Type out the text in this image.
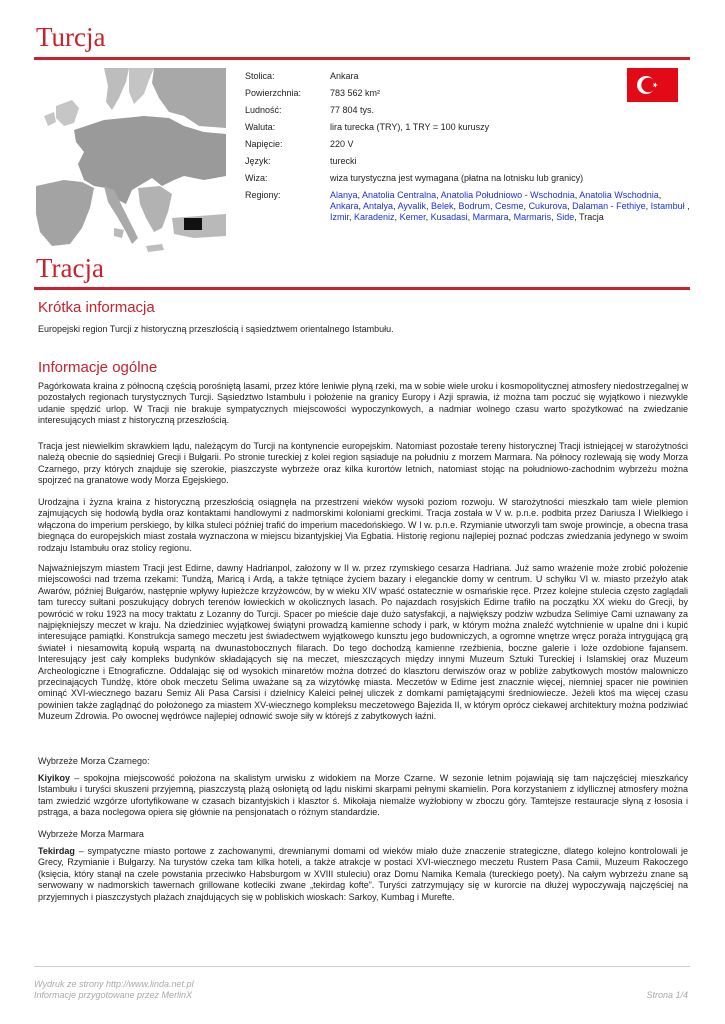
Turcja
Stolica:	Ankara
Powierzchnia:	783 562 km²
Ludność:	77 804 tys.
Waluta:	lira turecka (TRY), 1 TRY = 100 kuruszy
Napięcie:	220 V
Język:	turecki
Wiza:	wiza turystyczna jest wymagana (płatna na lotnisku lub granicy)
Regiony:	Alanya, Anatolia Centralna, Anatolia Południowo - Wschodnia, Anatolia Wschodnia, Ankara, Antalya, Ayvalik, Belek, Bodrum, Cesme, Cukurova, Dalaman - Fethiye, Istambuł , Izmir, Karadeniz, Kemer, Kusadasi, Marmara, Marmaris, Side, Tracja
Tracja
Krótka informacja

Europejski region Turcji z historyczną przeszłością i sąsiedztwem orientalnego Istambułu.

Informacje ogólne

Pagórkowata kraina z północną częścią porośniętą lasami, przez które leniwie płyną rzeki, ma w sobie wiele uroku i kosmopolitycznej atmosfery niedostrzegalnej w pozostałych regionach turystycznych Turcji. Sąsiedztwo Istambułu i położenie na granicy Europy i Azji sprawia, iż można tam poczuć się wyjątkowo i niezwykle udanie spędzić urlop. W Tracji nie brakuje sympatycznych miejscowości wypoczynkowych, a nadmiar wolnego czasu warto spożytkować na zwiedzanie interesujących miast z historyczną przeszłością.

Tracja jest niewielkim skrawkiem lądu, należącym do Turcji na kontynencie europejskim. Natomiast pozostałe tereny historycznej Tracji istniejącej w starożytności należą obecnie do sąsiedniej Grecji i Bułgarii. Po stronie tureckiej z kolei region sąsiaduje na południu z morzem Marmara. Na północy rozlewają się wody Morza Czarnego, przy których znajduje się szerokie, piaszczyste wybrzeże oraz kilka kurortów letnich, natomiast stojąc na południowo-zachodnim wybrzeżu można spojrzeć na granatowe wody Morza Egejskiego.

Urodzajna i żyzna kraina z historyczną przeszłością osiągnęła na przestrzeni wieków wysoki poziom rozwoju. W starożytności mieszkało tam wiele plemion zajmujących się hodowlą bydła oraz kontaktami handlowymi z nadmorskimi koloniami greckimi. Tracja została w V w. p.n.e. podbita przez Dariusza I Wielkiego i włączona do imperium perskiego, by kilka stuleci później trafić do imperium macedońskiego. W I w. p.n.e. Rzymianie utworzyli tam swoje prowincje, a obecna trasa biegnąca do europejskich miast została wyznaczona w miejscu bizantyjskiej Via Egbatia. Historię regionu najlepiej poznać podczas zwiedzania jedynego w swoim rodzaju Istambułu oraz stolicy regionu.

Najważniejszym miastem Tracji jest Edirne, dawny Hadrianpol, założony w II w. przez rzymskiego cesarza Hadriana. Już samo wrażenie może zrobić położenie miejscowości nad trzema rzekami: Tundżą, Maricą i Ardą, a także tętniące życiem bazary i eleganckie domy w centrum. U schyłku VI w. miasto przeżyło atak Awarów, później Bułgarów, następnie wpływy łupieżcze krzyżowców, by w wieku XIV wpaść ostatecznie w osmańskie ręce. Przez kolejne stulecia często zaglądali tam tureccy sułtani poszukujący dobrych terenów łowieckich w okolicznych lasach. Po najazdach rosyjskich Edirne trafiło na początku XX wieku do Grecji, by powrócić w roku 1923 na mocy traktatu z Lozanny do Turcji. Spacer po mieście daje dużo satysfakcji, a największy podziw wzbudza Selimiye Cami uznawany za najpiękniejszy meczet w kraju. Na dziedziniec wyjątkowej świątyni prowadzą kamienne schody i park, w którym można znaleźć wytchnienie w upalne dni i kupić interesujące pamiątki. Konstrukcja samego meczetu jest świadectwem wyjątkowego kunsztu jego budowniczych, a ogromne wnętrze wręcz poraża intrygującą grą świateł i niesamowitą kopułą wspartą na dwunastobocznych filarach. Do tego dochodzą kamienne rzeźbienia, boczne galerie i loże ozdobione fajansem. Interesujący jest cały kompleks budynków składających się na meczet, mieszczących między innymi Muzeum Sztuki Tureckiej i Islamskiej oraz Muzeum Archeologiczne i Etnograficzne. Oddalając się od wysokich minaretów można dotrzeć do klasztoru derwiszów oraz w pobliże zabytkowych mostów malowniczo przecinających Tundżę, które obok meczetu Selima uważane są za wizytówkę miasta. Meczetów w Edirne jest znacznie więcej, niemniej spacer nie powinien ominąć XVI-wiecznego bazaru Semiz Ali Pasa Carsisi i dzielnicy Kaleici pełnej uliczek z domkami pamiętającymi średniowiecze. Jeżeli ktoś ma więcej czasu powinien także zaglądnąć do położonego za miastem XV-wiecznego kompleksu meczetowego Bajezida II, w którym oprócz ciekawej architektury można podziwiać Muzeum Zdrowia. Po owocnej wędrówce najlepiej odnowić swoje siły w którejś z zabytkowych łaźni.

Wybrzeże Morza Czarnego:

Kiyikoy – spokojna miejscowość położona na skalistym urwisku z widokiem na Morze Czarne. W sezonie letnim pojawiają się tam najczęściej mieszkańcy Istambułu i turyści skuszeni przyjemną, piaszczystą plażą osłoniętą od lądu niskimi skarpami pełnymi skamielin. Pora korzystaniem z idyllicznej atmosfery można tam zwiedzić wzgórze ufortyfikowane w czasach bizantyjskich i klasztor ś. Mikołaja niemalże wyżłobiony w zboczu góry. Tamtejsze restauracje słyną z łososia i pstrąga, a baza noclegowa opiera się głównie na pensjonatach o różnym standardzie.

Wybrzeże Morza Marmara

Tekirdag – sympatyczne miasto portowe z zachowanymi, drewnianymi domami od wieków miało duże znaczenie strategiczne, dlatego kolejno kontrolowali je Grecy, Rzymianie i Bułgarzy. Na turystów czeka tam kilka hoteli, a także atrakcje w postaci XVI-wiecznego meczetu Rustem Pasa Camii, Muzeum Rakoczego (księcia, który stanął na czele powstania przeciwko Habsburgom w XVIII stuleciu) oraz Domu Namika Kemala (tureckiego poety). Na całym wybrzeżu znane są serwowany w nadmorskich tawernach grillowane kotleciki zwane „tekirdag kofte”. Turyści zatrzymujący się w kurorcie na dłużej wypoczywają najczęściej na przyjemnych i piaszczystych plażach znajdujących się w pobliskich wioskach: Sarkoy, Kumbag i Murefte.

Wydruk ze strony http://www.linda.net.pl
Informacje przygotowane przez MerlinX	Strona 1/4
